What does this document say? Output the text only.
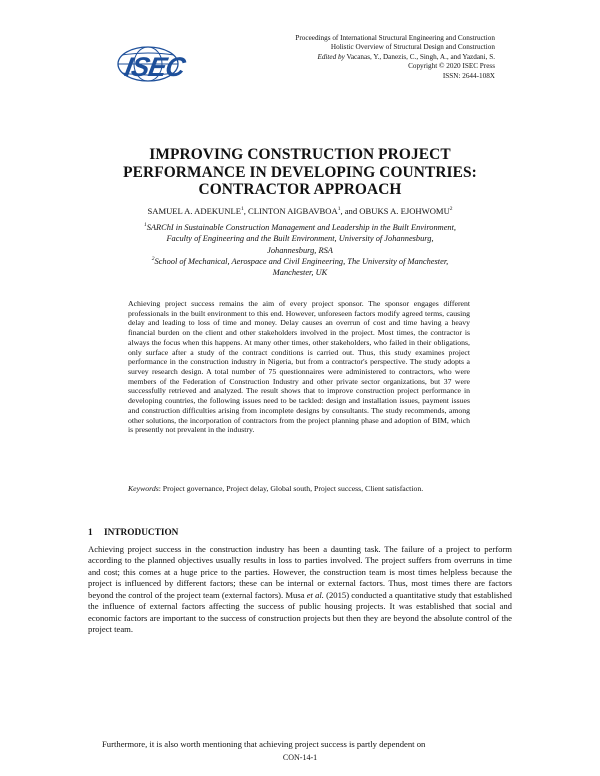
ISEC
Proceedings of International Structural Engineering and Construction
Holistic Overview of Structural Design and Construction
Edited by Vacanas, Y., Danezis, C., Singh, A., and Yazdani, S.
Copyright © 2020 ISEC Press
ISSN: 2644-108X
IMPROVING CONSTRUCTION PROJECT
PERFORMANCE IN DEVELOPING COUNTRIES:
CONTRACTOR APPROACH
SAMUEL A. ADEKUNLE$^1$, CLINTON AIGBAVBOA$^1$, and OBUKS A. EJOHWOMU$^2$
$^1$SARChI in Sustainable Construction Management and Leadership in the Built Environment,
Faculty of Engineering and the Built Environment, University of Johannesburg,
Johannesburg, RSA
$^2$School of Mechanical, Aerospace and Civil Engineering, The University of Manchester,
Manchester, UK

Achieving project success remains the aim of every project sponsor. The sponsor engages different professionals in the built environment to this end. However, unforeseen factors modify agreed terms, causing delay and leading to loss of time and money. Delay causes an overrun of cost and time having a heavy financial burden on the client and other stakeholders involved in the project. Most times, the contractor is always the focus when this happens. At many other times, other stakeholders, who failed in their obligations, only surface after a study of the contract conditions is carried out. Thus, this study examines project performance in the construction industry in Nigeria, but from a contractor's perspective. The study adopts a survey research design. A total number of 75 questionnaires were administered to contractors, who were members of the Federation of Construction Industry and other private sector organizations, but 37 were successfully retrieved and analyzed. The result shows that to improve construction project performance in developing countries, the following issues need to be tackled: design and installation issues, payment issues and construction difficulties arising from incomplete designs by consultants. The study recommends, among other solutions, the incorporation of contractors from the project planning phase and adoption of BIM, which is presently not prevalent in the industry.

Keywords: Project governance, Project delay, Global south, Project success, Client satisfaction.

1 INTRODUCTION

Achieving project success in the construction industry has been a daunting task. The failure of a project to perform according to the planned objectives usually results in loss to parties involved. The project suffers from overruns in time and cost; this comes at a huge price to the parties. However, the construction team is most times helpless because the project is influenced by different factors; these can be internal or external factors. Thus, most times there are factors beyond the control of the project team (external factors). Musa et al. (2015) conducted a quantitative study that established the influence of external factors affecting the success of public housing projects. It was established that social and economic factors are important to the success of construction projects but then they are beyond the absolute control of the project team.

Furthermore, it is also worth mentioning that achieving project success is partly dependent on

CON-14-1
